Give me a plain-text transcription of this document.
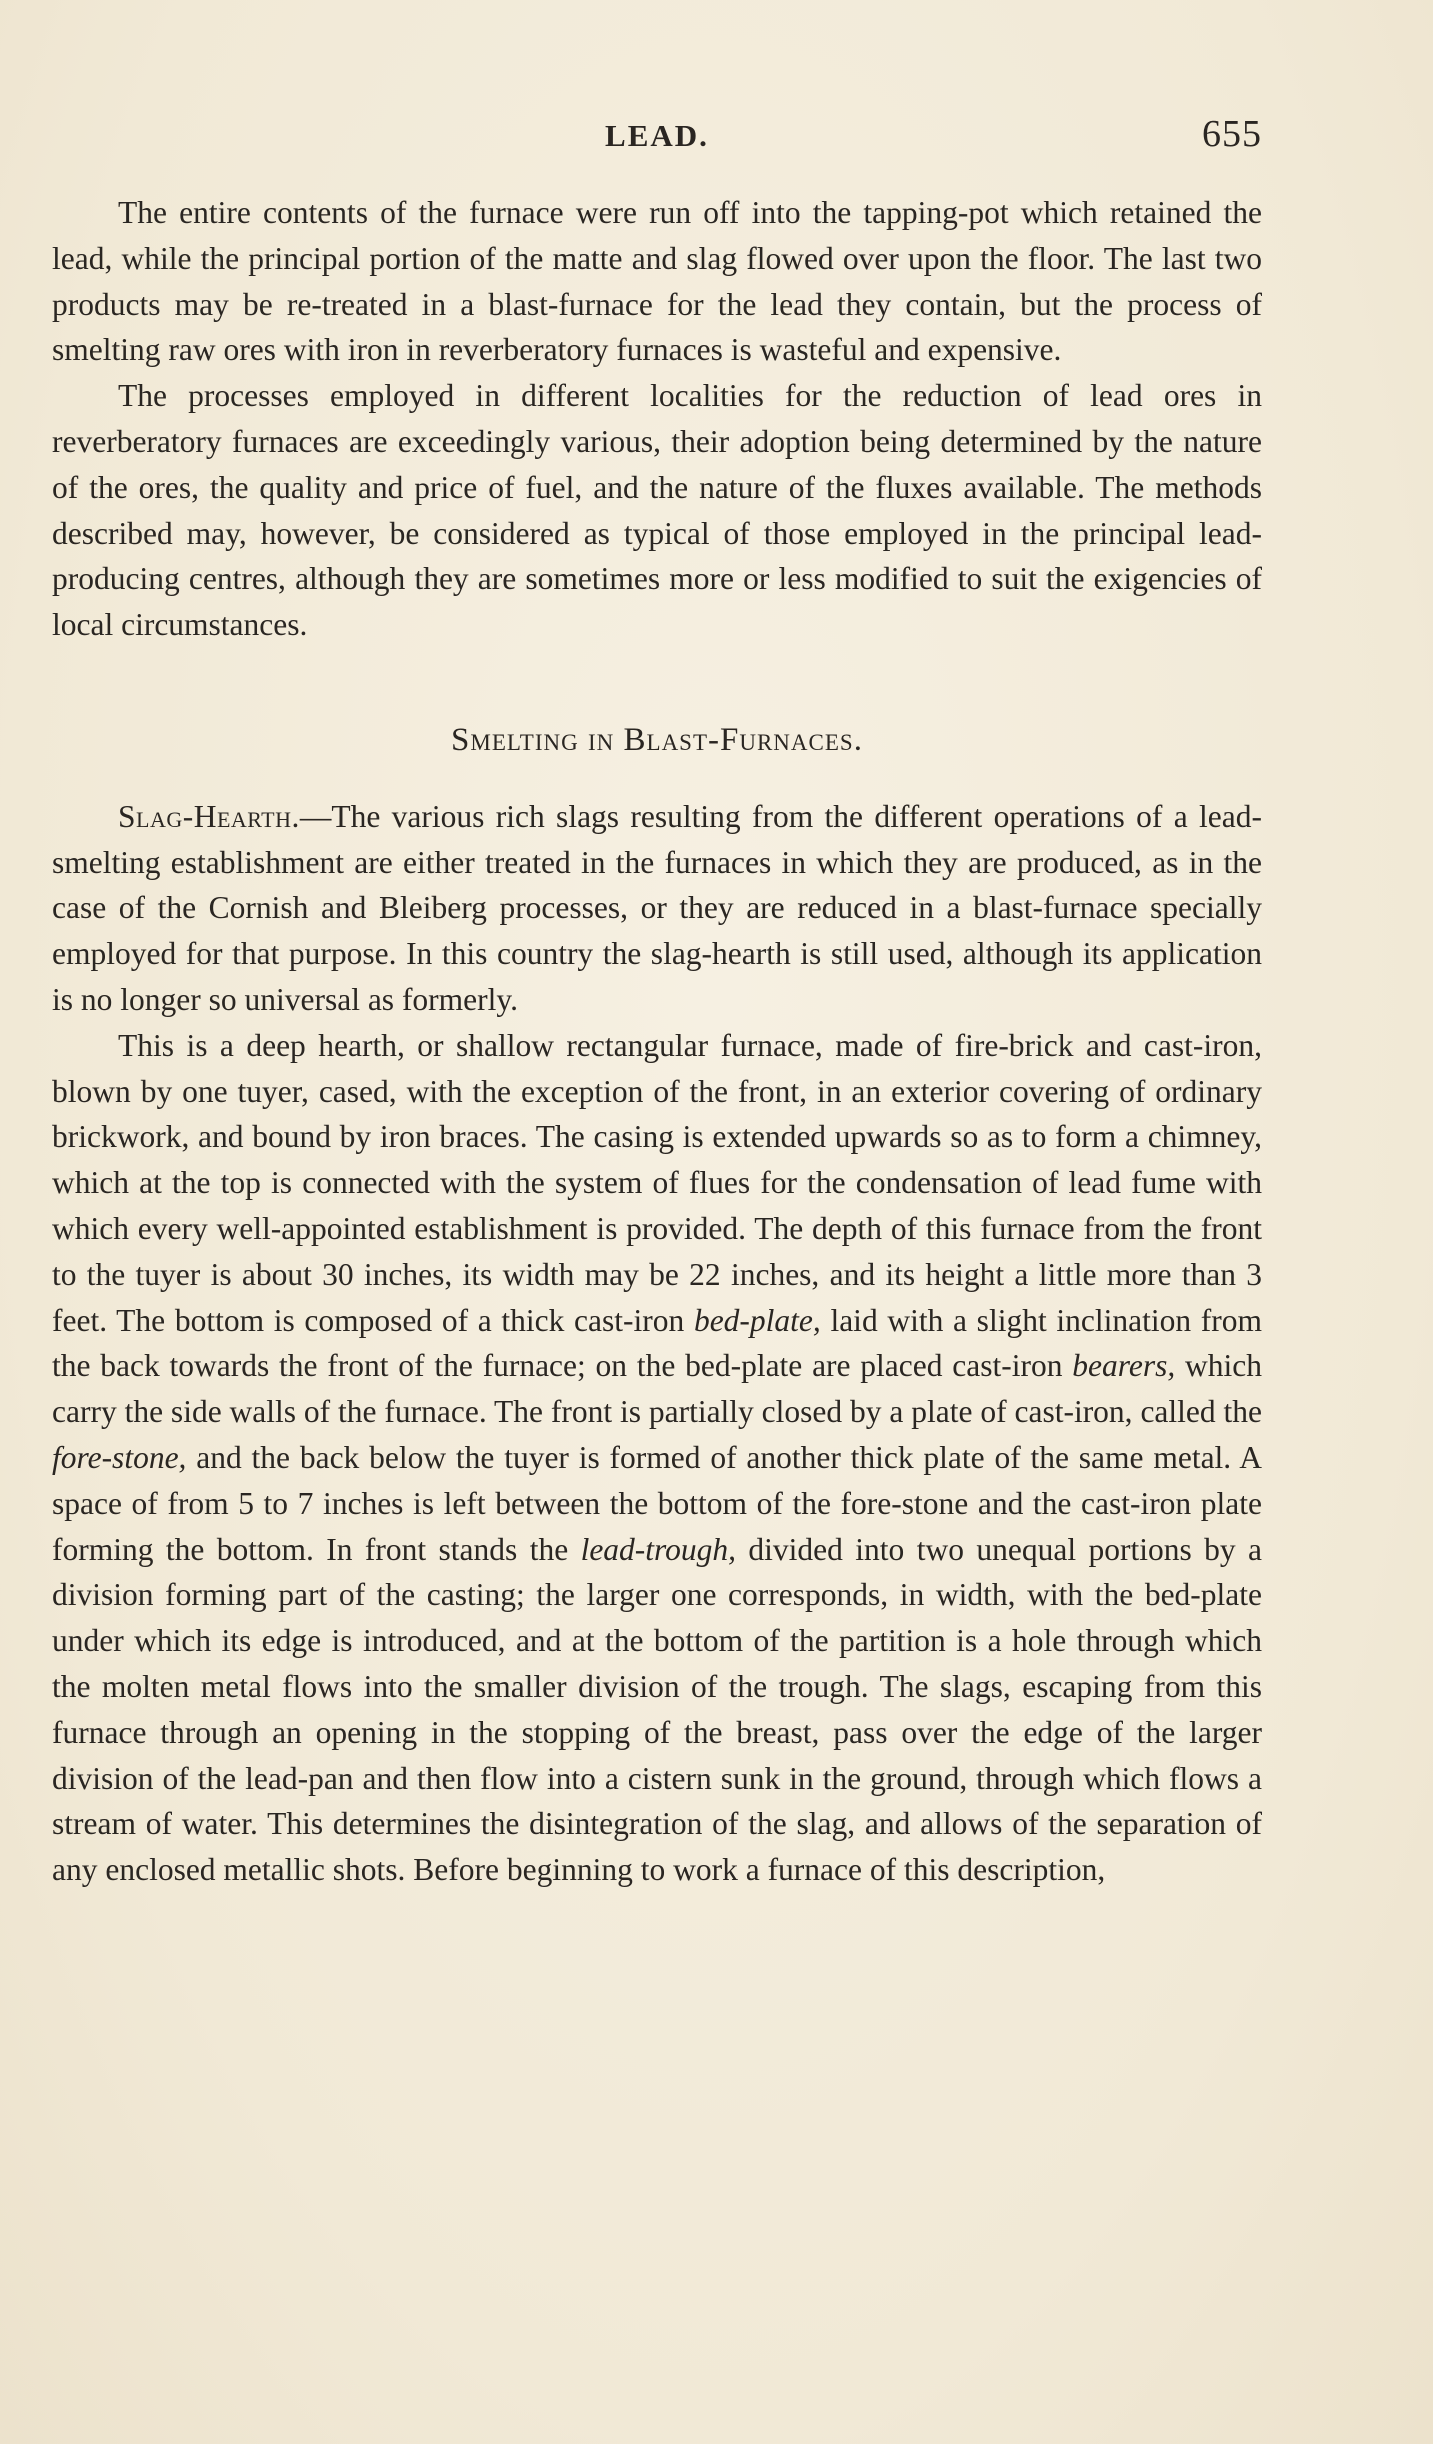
LEAD.	655

The entire contents of the furnace were run off into the tapping-pot which retained the lead, while the principal portion of the matte and slag flowed over upon the floor. The last two products may be re-treated in a blast-furnace for the lead they contain, but the process of smelting raw ores with iron in reverberatory furnaces is wasteful and expensive.

The processes employed in different localities for the reduction of lead ores in reverberatory furnaces are exceedingly various, their adoption being determined by the nature of the ores, the quality and price of fuel, and the nature of the fluxes available. The methods described may, however, be considered as typical of those employed in the principal lead-producing centres, although they are sometimes more or less modified to suit the exigencies of local circumstances.

Smelting in Blast-Furnaces.

Slag-Hearth.—The various rich slags resulting from the different operations of a lead-smelting establishment are either treated in the furnaces in which they are produced, as in the case of the Cornish and Bleiberg processes, or they are reduced in a blast-furnace specially employed for that purpose. In this country the slag-hearth is still used, although its application is no longer so universal as formerly.

This is a deep hearth, or shallow rectangular furnace, made of fire-brick and cast-iron, blown by one tuyer, cased, with the exception of the front, in an exterior covering of ordinary brickwork, and bound by iron braces. The casing is extended upwards so as to form a chimney, which at the top is connected with the system of flues for the condensation of lead fume with which every well-appointed establishment is provided. The depth of this furnace from the front to the tuyer is about 30 inches, its width may be 22 inches, and its height a little more than 3 feet. The bottom is composed of a thick cast-iron bed-plate, laid with a slight inclination from the back towards the front of the furnace; on the bed-plate are placed cast-iron bearers, which carry the side walls of the furnace. The front is partially closed by a plate of cast-iron, called the fore-stone, and the back below the tuyer is formed of another thick plate of the same metal. A space of from 5 to 7 inches is left between the bottom of the fore-stone and the cast-iron plate forming the bottom. In front stands the lead-trough, divided into two unequal portions by a division forming part of the casting; the larger one corresponds, in width, with the bed-plate under which its edge is introduced, and at the bottom of the partition is a hole through which the molten metal flows into the smaller division of the trough. The slags, escaping from this furnace through an opening in the stopping of the breast, pass over the edge of the larger division of the lead-pan and then flow into a cistern sunk in the ground, through which flows a stream of water. This determines the disintegration of the slag, and allows of the separation of any enclosed metallic shots. Before beginning to work a furnace of this description,
